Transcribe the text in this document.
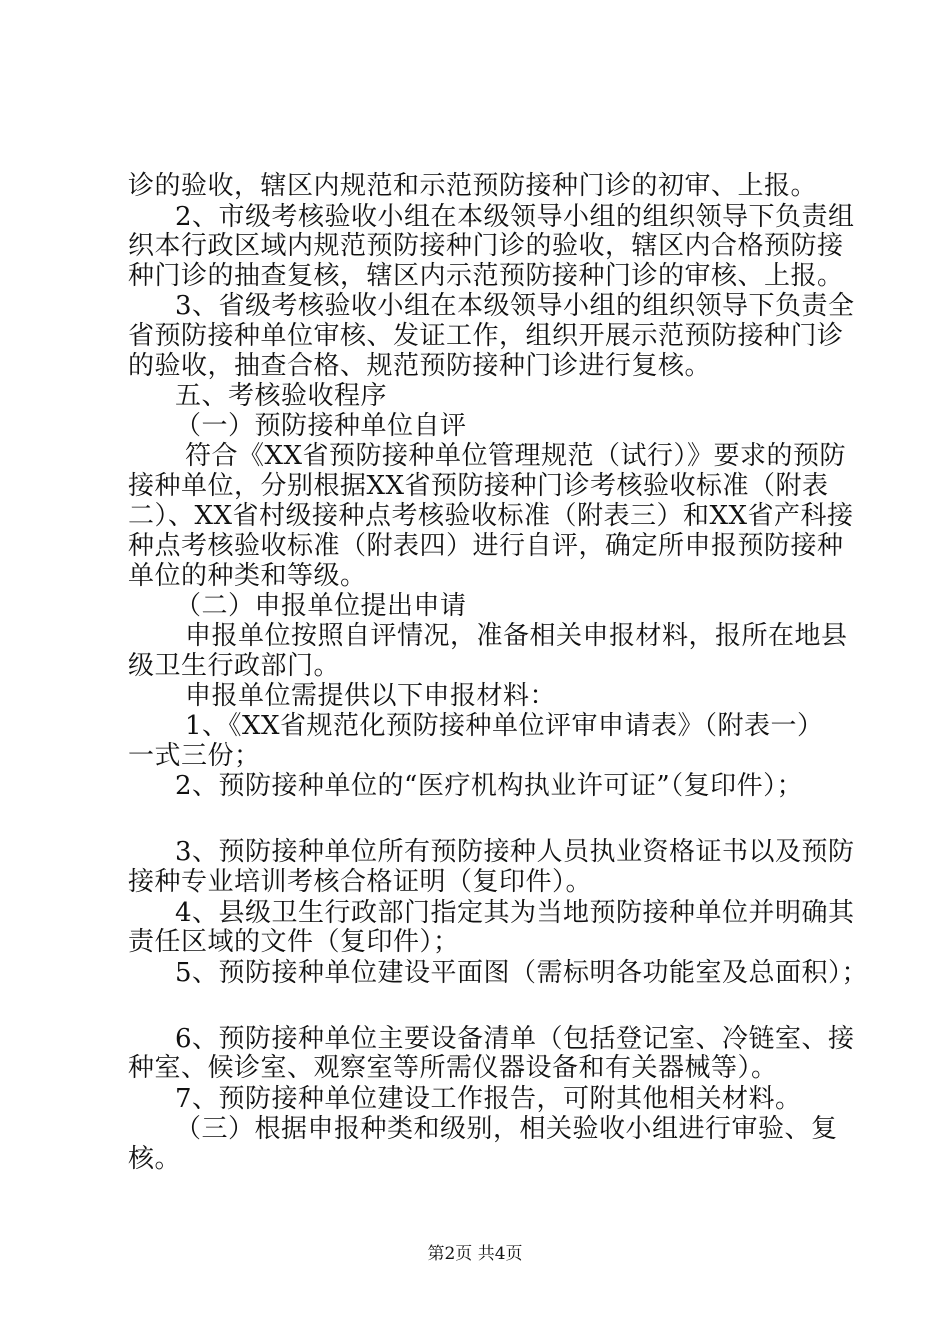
诊的验收，辖区内规范和示范预防接种门诊的初审、上报。
2、市级考核验收小组在本级领导小组的组织领导下负责组
织本行政区域内规范预防接种门诊的验收，辖区内合格预防接
种门诊的抽查复核，辖区内示范预防接种门诊的审核、上报。
3、省级考核验收小组在本级领导小组的组织领导下负责全
省预防接种单位审核、发证工作，组织开展示范预防接种门诊
的验收，抽查合格、规范预防接种门诊进行复核。
五、考核验收程序
（一）预防接种单位自评
符合《XX省预防接种单位管理规范（试行）》要求的预防
接种单位，分别根据XX省预防接种门诊考核验收标准（附表
二）、XX省村级接种点考核验收标准（附表三）和XX省产科接
种点考核验收标准（附表四）进行自评，确定所申报预防接种
单位的种类和等级。
（二）申报单位提出申请
申报单位按照自评情况，准备相关申报材料，报所在地县
级卫生行政部门。
申报单位需提供以下申报材料：
1、《XX省规范化预防接种单位评审申请表》（附表一）
一式三份；
2、预防接种单位的“医疗机构执业许可证”（复印件）；
3、预防接种单位所有预防接种人员执业资格证书以及预防
接种专业培训考核合格证明（复印件）。
4、县级卫生行政部门指定其为当地预防接种单位并明确其
责任区域的文件（复印件）；
5、预防接种单位建设平面图（需标明各功能室及总面积）；
6、预防接种单位主要设备清单（包括登记室、冷链室、接
种室、候诊室、观察室等所需仪器设备和有关器械等）。
7、预防接种单位建设工作报告，可附其他相关材料。
（三）根据申报种类和级别，相关验收小组进行审验、复
核。
第2页 共4页
